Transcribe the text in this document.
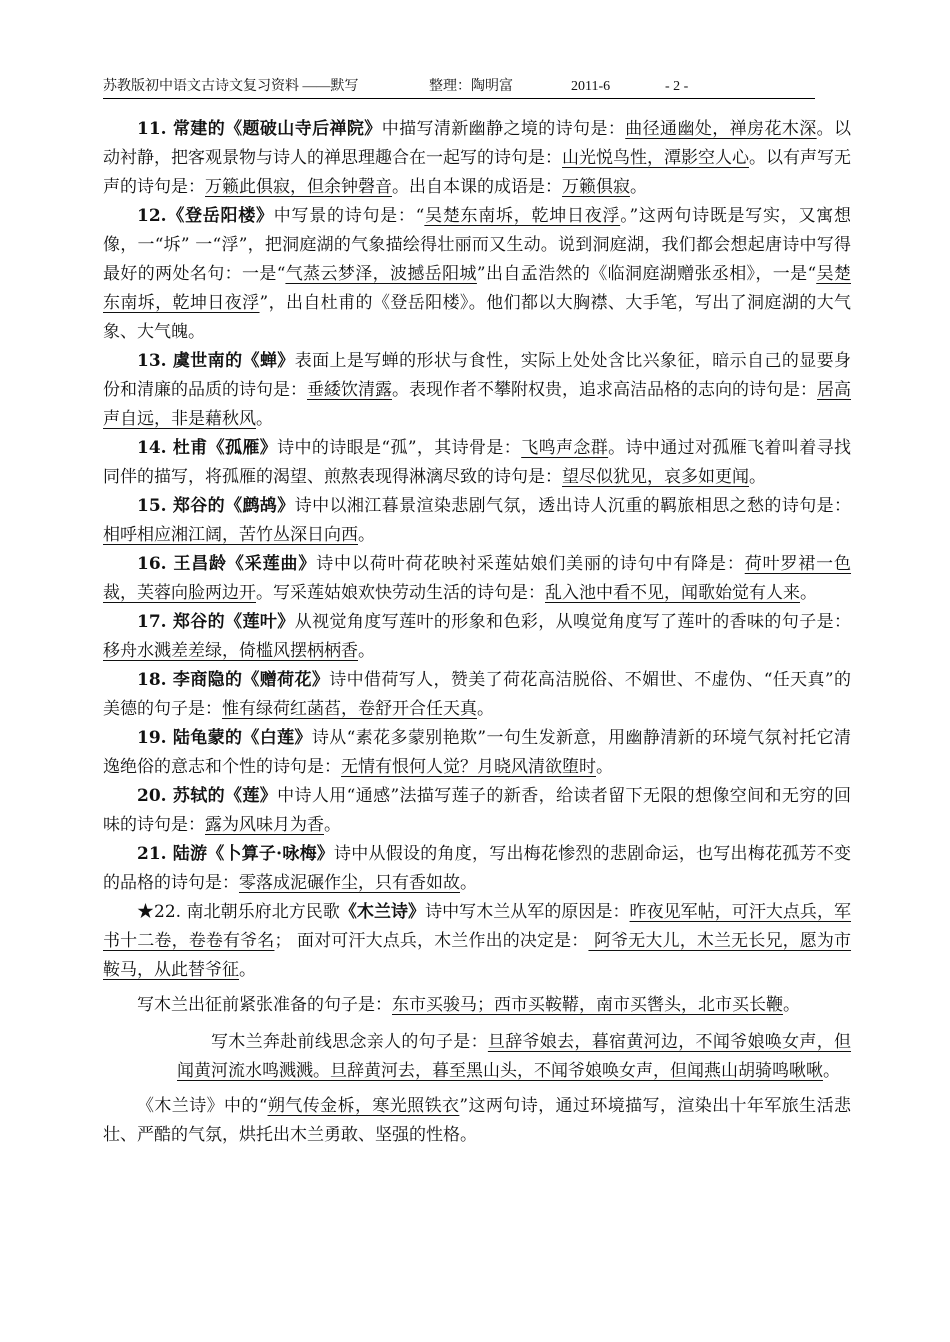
苏教版初中语文古诗文复习资料 ——默写	整理：陶明富	2011-6	- 2 -

11. 常建的《题破山寺后禅院》中描写清新幽静之境的诗句是：曲径通幽处，禅房花木深。以动衬静，把客观景物与诗人的禅思理趣合在一起写的诗句是：山光悦鸟性，潭影空人心。以有声写无声的诗句是：万籁此俱寂，但余钟磬音。出自本课的成语是：万籁俱寂。

12.《登岳阳楼》中写景的诗句是：“吴楚东南坼，乾坤日夜浮。”这两句诗既是写实，又寓想像，一“坼” 一“浮”，把洞庭湖的气象描绘得壮丽而又生动。说到洞庭湖，我们都会想起唐诗中写得最好的两处名句：一是“气蒸云梦泽，波撼岳阳城”出自孟浩然的《临洞庭湖赠张丞相》，一是“吴楚东南坼，乾坤日夜浮”，出自杜甫的《登岳阳楼》。他们都以大胸襟、大手笔，写出了洞庭湖的大气象、大气魄。

13. 虞世南的《蝉》表面上是写蝉的形状与食性，实际上处处含比兴象征，暗示自己的显要身份和清廉的品质的诗句是：垂緌饮清露。表现作者不攀附权贵，追求高洁品格的志向的诗句是：居高声自远，非是藉秋风。

14. 杜甫《孤雁》诗中的诗眼是“孤”，其诗骨是：飞鸣声念群。诗中通过对孤雁飞着叫着寻找同伴的描写，将孤雁的渴望、煎熬表现得淋漓尽致的诗句是：望尽似犹见，哀多如更闻。

15. 郑谷的《鹧鸪》诗中以湘江暮景渲染悲剧气氛，透出诗人沉重的羁旅相思之愁的诗句是：相呼相应湘江阔，苦竹丛深日向西。

16. 王昌龄《采莲曲》诗中以荷叶荷花映衬采莲姑娘们美丽的诗句中有降是：荷叶罗裙一色裁，芙蓉向脸两边开。写采莲姑娘欢快劳动生活的诗句是：乱入池中看不见，闻歌始觉有人来。

17. 郑谷的《莲叶》从视觉角度写莲叶的形象和色彩，从嗅觉角度写了莲叶的香味的句子是：移舟水溅差差绿，倚槛风摆柄柄香。

18. 李商隐的《赠荷花》诗中借荷写人，赞美了荷花高洁脱俗、不媚世、不虚伪、“任天真”的美德的句子是：惟有绿荷红菡萏，卷舒开合任天真。

19. 陆龟蒙的《白莲》诗从“素花多蒙别艳欺”一句生发新意，用幽静清新的环境气氛衬托它清逸绝俗的意志和个性的诗句是：无情有恨何人觉？月晓风清欲堕时。

20. 苏轼的《莲》中诗人用“通感”法描写莲子的新香，给读者留下无限的想像空间和无穷的回味的诗句是：露为风味月为香。

21. 陆游《卜算子·咏梅》诗中从假设的角度，写出梅花惨烈的悲剧命运，也写出梅花孤芳不变的品格的诗句是：零落成泥碾作尘，只有香如故。

★22. 南北朝乐府北方民歌《木兰诗》诗中写木兰从军的原因是：昨夜见军帖，可汗大点兵，军书十二卷，卷卷有爷名； 面对可汗大点兵，木兰作出的决定是： 阿爷无大儿，木兰无长兄，愿为市鞍马，从此替爷征。

写木兰出征前紧张准备的句子是：东市买骏马；西市买鞍鞯，南市买辔头，北市买长鞭。

写木兰奔赴前线思念亲人的句子是：旦辞爷娘去，暮宿黄河边，不闻爷娘唤女声，但闻黄河流水鸣溅溅。旦辞黄河去，暮至黑山头，不闻爷娘唤女声，但闻燕山胡骑鸣啾啾。

《木兰诗》中的“朔气传金柝，寒光照铁衣”这两句诗，通过环境描写，渲染出十年军旅生活悲壮、严酷的气氛，烘托出木兰勇敢、坚强的性格。
